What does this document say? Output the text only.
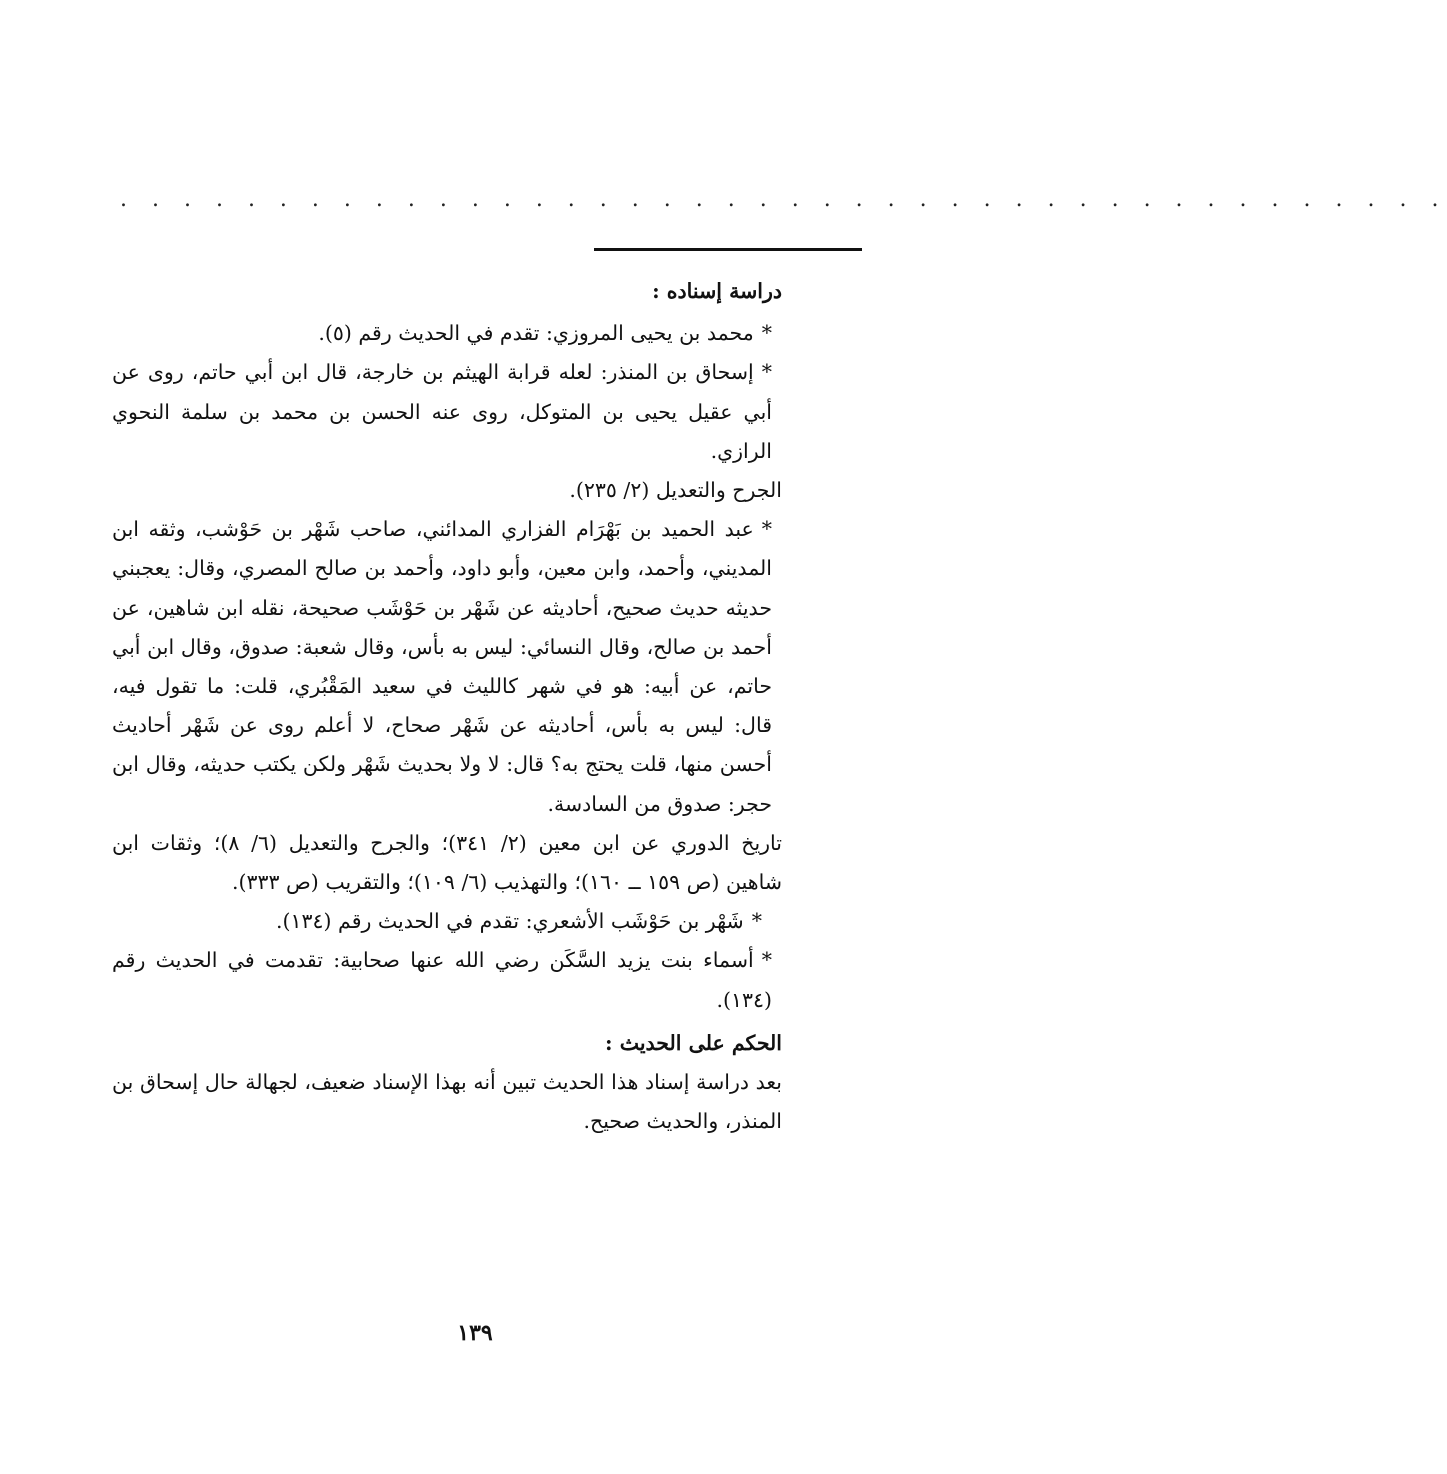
. . . . . . . . . . . . . . . . . . . . . . . . . . . . . . . . . . . . . . . . . .

دراسة إسناده :

*محمد بن يحيى المروزي: تقدم في الحديث رقم (٥).

*إسحاق بن المنذر: لعله قرابة الهيثم بن خارجة، قال ابن أبي حاتم، روى عن أبي عقيل يحيى بن المتوكل، روى عنه الحسن بن محمد بن سلمة النحوي الرازي.

الجرح والتعديل (٢/ ٢٣٥).

*عبد الحميد بن بَهْرَام الفزاري المدائني، صاحب شَهْر بن حَوْشب، وثقه ابن المديني، وأحمد، وابن معين، وأبو داود، وأحمد بن صالح المصري، وقال: يعجبني حديثه حديث صحيح، أحاديثه عن شَهْر بن حَوْشَب صحيحة، نقله ابن شاهين، عن أحمد بن صالح، وقال النسائي: ليس به بأس، وقال شعبة: صدوق، وقال ابن أبي حاتم، عن أبيه: هو في شهر كالليث في سعيد المَقْبُري، قلت: ما تقول فيه، قال: ليس به بأس، أحاديثه عن شَهْر صحاح، لا أعلم روى عن شَهْر أحاديث أحسن منها، قلت يحتج به؟ قال: لا ولا بحديث شَهْر ولكن يكتب حديثه، وقال ابن حجر: صدوق من السادسة.

تاريخ الدوري عن ابن معين (٢/ ٣٤١)؛ والجرح والتعديل (٦/ ٨)؛ وثقات ابن شاهين (ص ١٥٩ ــ ١٦٠)؛ والتهذيب (٦/ ١٠٩)؛ والتقريب (ص ٣٣٣).

*شَهْر بن حَوْشَب الأشعري: تقدم في الحديث رقم (١٣٤).

*أسماء بنت يزيد السَّكَن رضي الله عنها صحابية: تقدمت في الحديث رقم (١٣٤).

الحكم على الحديث :

بعد دراسة إسناد هذا الحديث تبين أنه بهذا الإسناد ضعيف، لجهالة حال إسحاق بن المنذر، والحديث صحيح.

١٣٩
